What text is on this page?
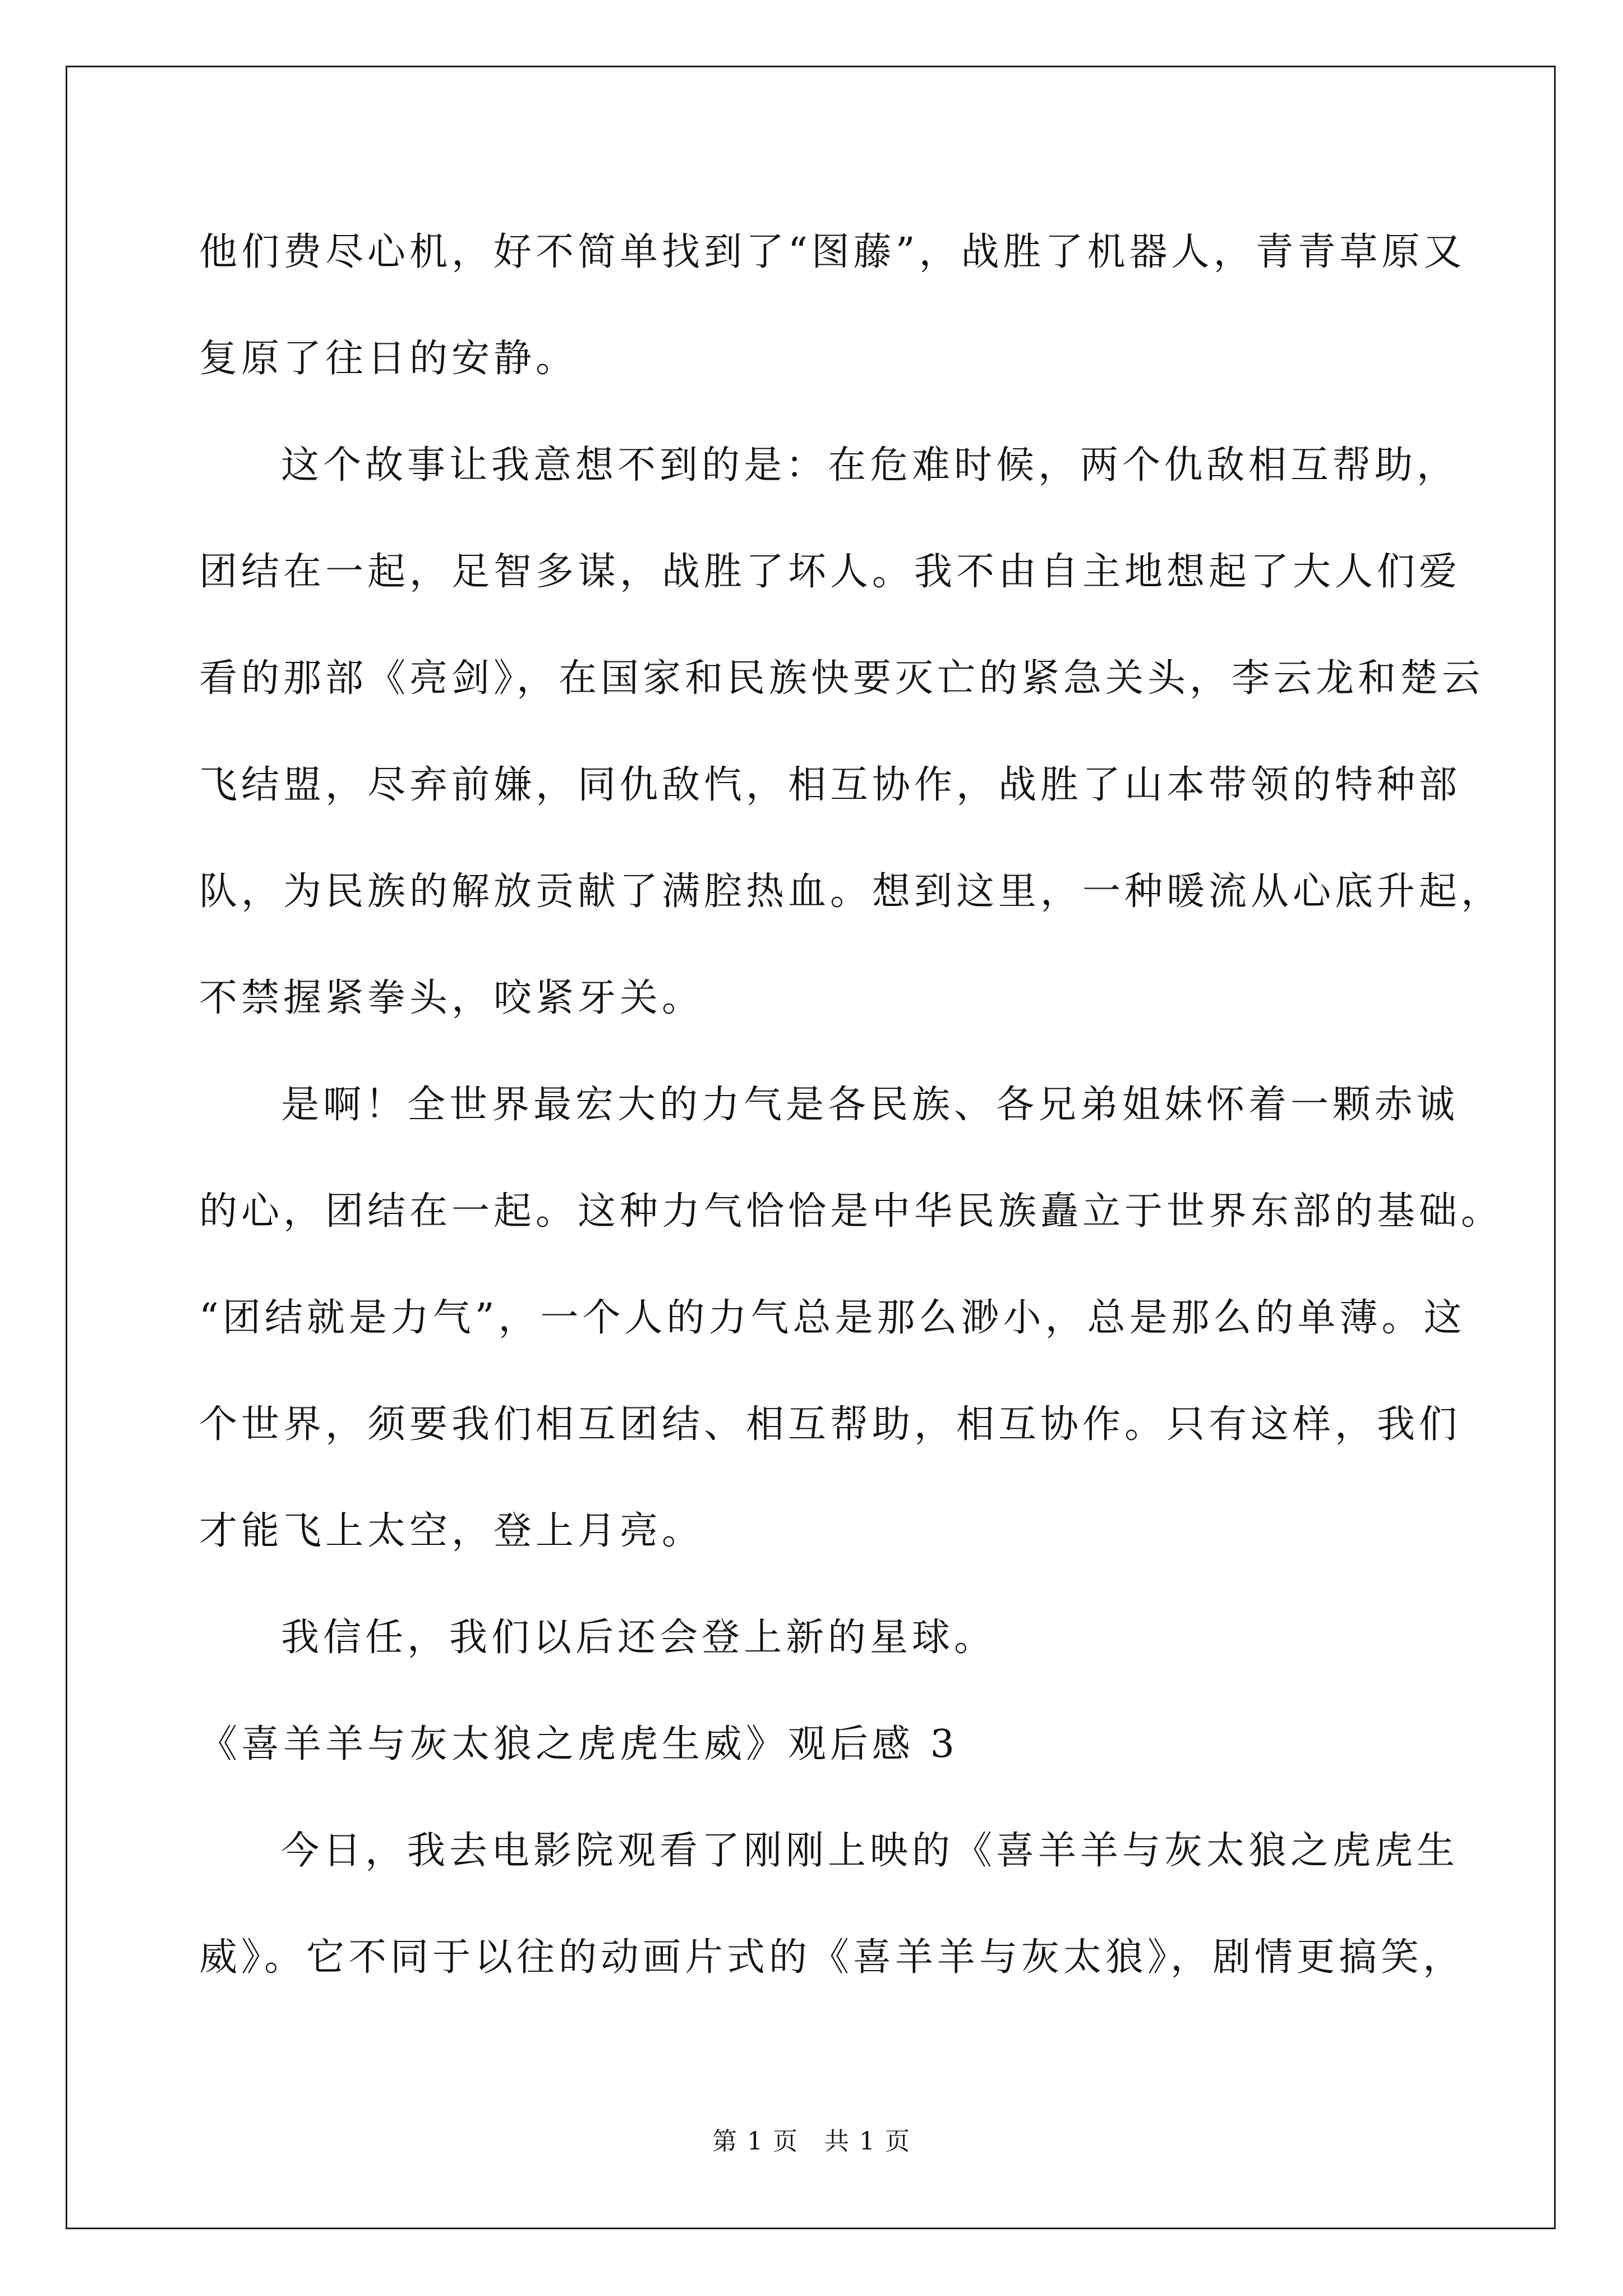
他们费尽心机，好不简单找到了“图藤”，战胜了机器人，青青草原又
复原了往日的安静。
这个故事让我意想不到的是：在危难时候，两个仇敌相互帮助，
团结在一起，足智多谋，战胜了坏人。我不由自主地想起了大人们爱
看的那部《亮剑》，在国家和民族快要灭亡的紧急关头，李云龙和楚云
飞结盟，尽弃前嫌，同仇敌忾，相互协作，战胜了山本带领的特种部
队，为民族的解放贡献了满腔热血。想到这里，一种暖流从心底升起，
不禁握紧拳头，咬紧牙关。
是啊！全世界最宏大的力气是各民族、各兄弟姐妹怀着一颗赤诚
的心，团结在一起。这种力气恰恰是中华民族矗立于世界东部的基础。
“团结就是力气”，一个人的力气总是那么渺小，总是那么的单薄。这
个世界，须要我们相互团结、相互帮助，相互协作。只有这样，我们
才能飞上太空，登上月亮。
我信任，我们以后还会登上新的星球。
《喜羊羊与灰太狼之虎虎生威》观后感 3
今日，我去电影院观看了刚刚上映的《喜羊羊与灰太狼之虎虎生
威》。它不同于以往的动画片式的《喜羊羊与灰太狼》，剧情更搞笑，
第 1 页　共 1 页
